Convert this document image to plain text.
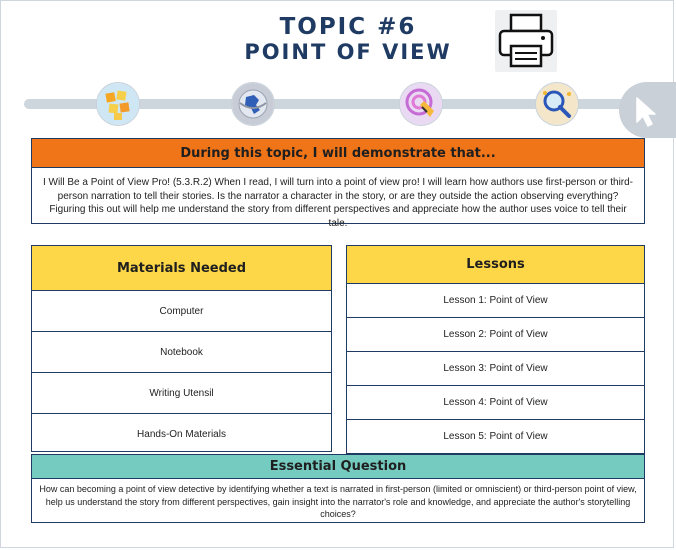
TOPIC #6
POINT OF VIEW
During this topic, I will demonstrate that...
I Will Be a Point of View Pro! (5.3.R.2) When I read, I will turn into a point of view pro! I will learn how authors use first-person or third-person narration to tell their stories. Is the narrator a character in the story, or are they outside the action observing everything? Figuring this out will help me understand the story from different perspectives and appreciate how the author uses voice to tell their tale.
Materials Needed
Computer
Notebook
Writing Utensil
Hands-On Materials
Lessons
Lesson 1: Point of View
Lesson 2: Point of View
Lesson 3: Point of View
Lesson 4: Point of View
Lesson 5: Point of View
Essential Question
How can becoming a point of view detective by identifying whether a text is narrated in first-person (limited or omniscient) or third-person point of view, help us understand the story from different perspectives, gain insight into the narrator's role and knowledge, and appreciate the author's storytelling choices?
